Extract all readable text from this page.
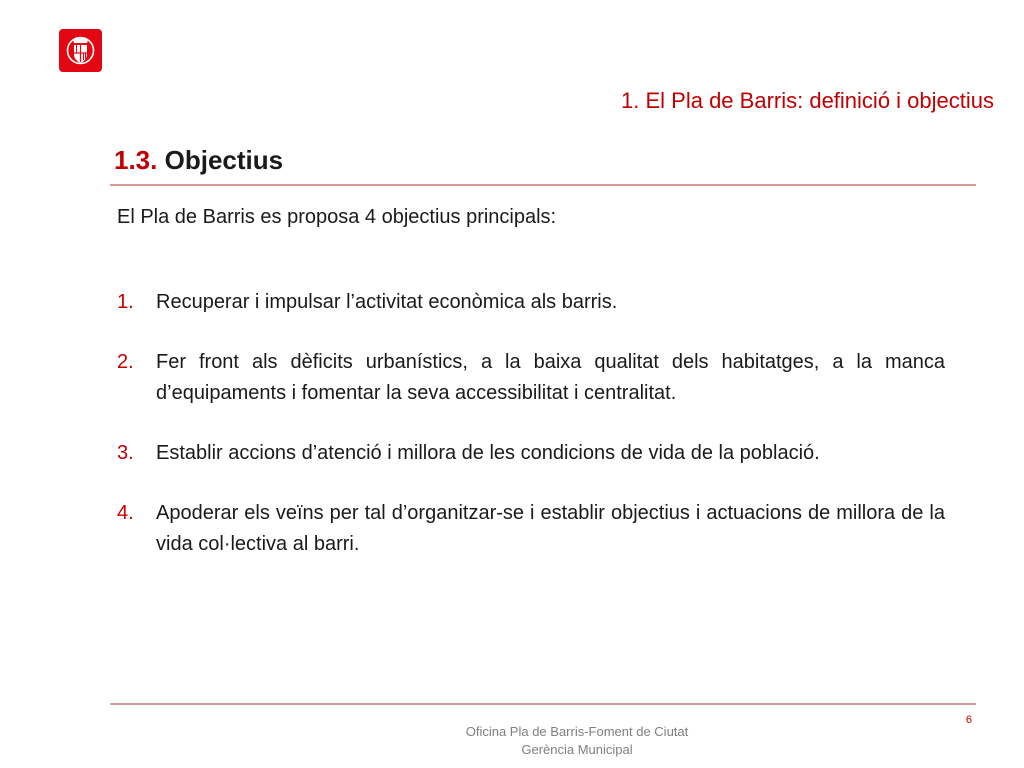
1. El Pla de Barris: definició i objectius
1.3. Objectius
El Pla de Barris es proposa 4 objectius principals:
1. Recuperar i impulsar l’activitat econòmica als barris.
2. Fer front als dèficits urbanístics, a la baixa qualitat dels habitatges, a la manca d’equipaments i fomentar la seva accessibilitat i centralitat.
3. Establir accions d’atenció i millora de les condicions de vida de la població.
4. Apoderar els veïns per tal d’organitzar-se i establir objectius i actuacions de millora de la vida col·lectiva al barri.
6
Oficina Pla de Barris-Foment de Ciutat
Gerència Municipal
